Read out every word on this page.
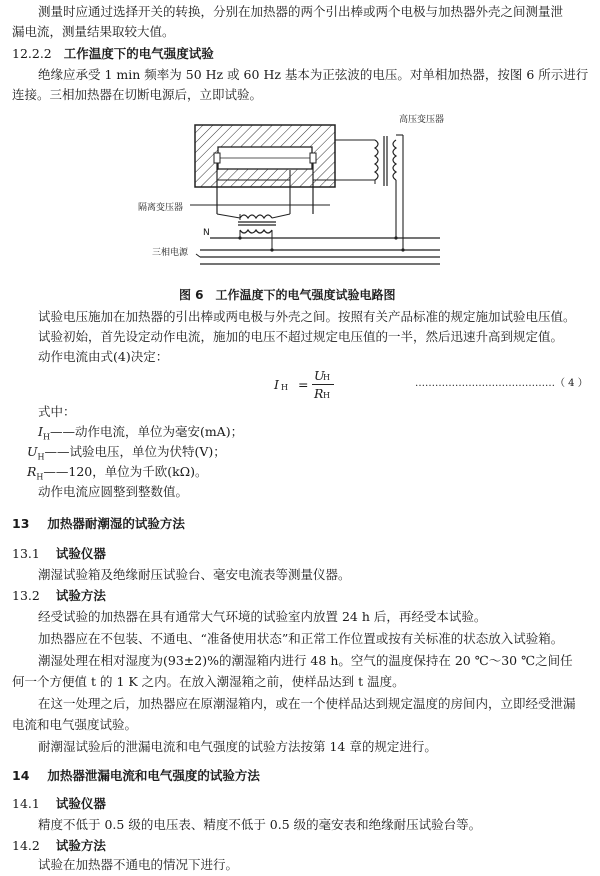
测量时应通过选择开关的转换，分别在加热器的两个引出棒或两个电极与加热器外壳之间测量泄
漏电流，测量结果取较大值。
12.2.2 工作温度下的电气强度试验
绝缘应承受 1 min 频率为 50 Hz 或 60 Hz 基本为正弦波的电压。对单相加热器，按图 6 所示进行
连接。三相加热器在切断电源后，立即试验。
高压变压器
隔离变压器
N
三相电源
图 6　工作温度下的电气强度试验电路图
试验电压施加在加热器的引出棒或两电极与外壳之间。按照有关产品标准的规定施加试验电压值。
试验初始，首先设定动作电流，施加的电压不超过规定电压值的一半，然后迅速升高到规定值。
动作电流由式(4)决定：
I H =
U
H
R H
……………………………………（ 4 ）
式中：
$I_H——$动作电流，单位为毫安(mA)；
$U_H——$试验电压，单位为伏特(V)；
$R_H——120$，单位为千欧(kΩ)。
动作电流应圆整到整数值。
13 加热器耐潮湿的试验方法
13.1 试验仪器
潮湿试验箱及绝缘耐压试验台、毫安电流表等测量仪器。
13.2 试验方法
经受试验的加热器在具有通常大气环境的试验室内放置 24 h 后，再经受本试验。
加热器应在不包装、不通电、“准备使用状态”和正常工作位置或按有关标准的状态放入试验箱。
潮湿处理在相对湿度为(93±2)%的潮湿箱内进行 48 h。空气的温度保持在 20 ℃～30 ℃之间任
何一个方便值 t 的 1 K 之内。在放入潮湿箱之前，使样品达到 t 温度。
在这一处理之后，加热器应在原潮湿箱内，或在一个使样品达到规定温度的房间内，立即经受泄漏
电流和电气强度试验。
耐潮湿试验后的泄漏电流和电气强度的试验方法按第 14 章的规定进行。
14 加热器泄漏电流和电气强度的试验方法
14.1 试验仪器
精度不低于 0.5 级的电压表、精度不低于 0.5 级的毫安表和绝缘耐压试验台等。
14.2 试验方法
试验在加热器不通电的情况下进行。
